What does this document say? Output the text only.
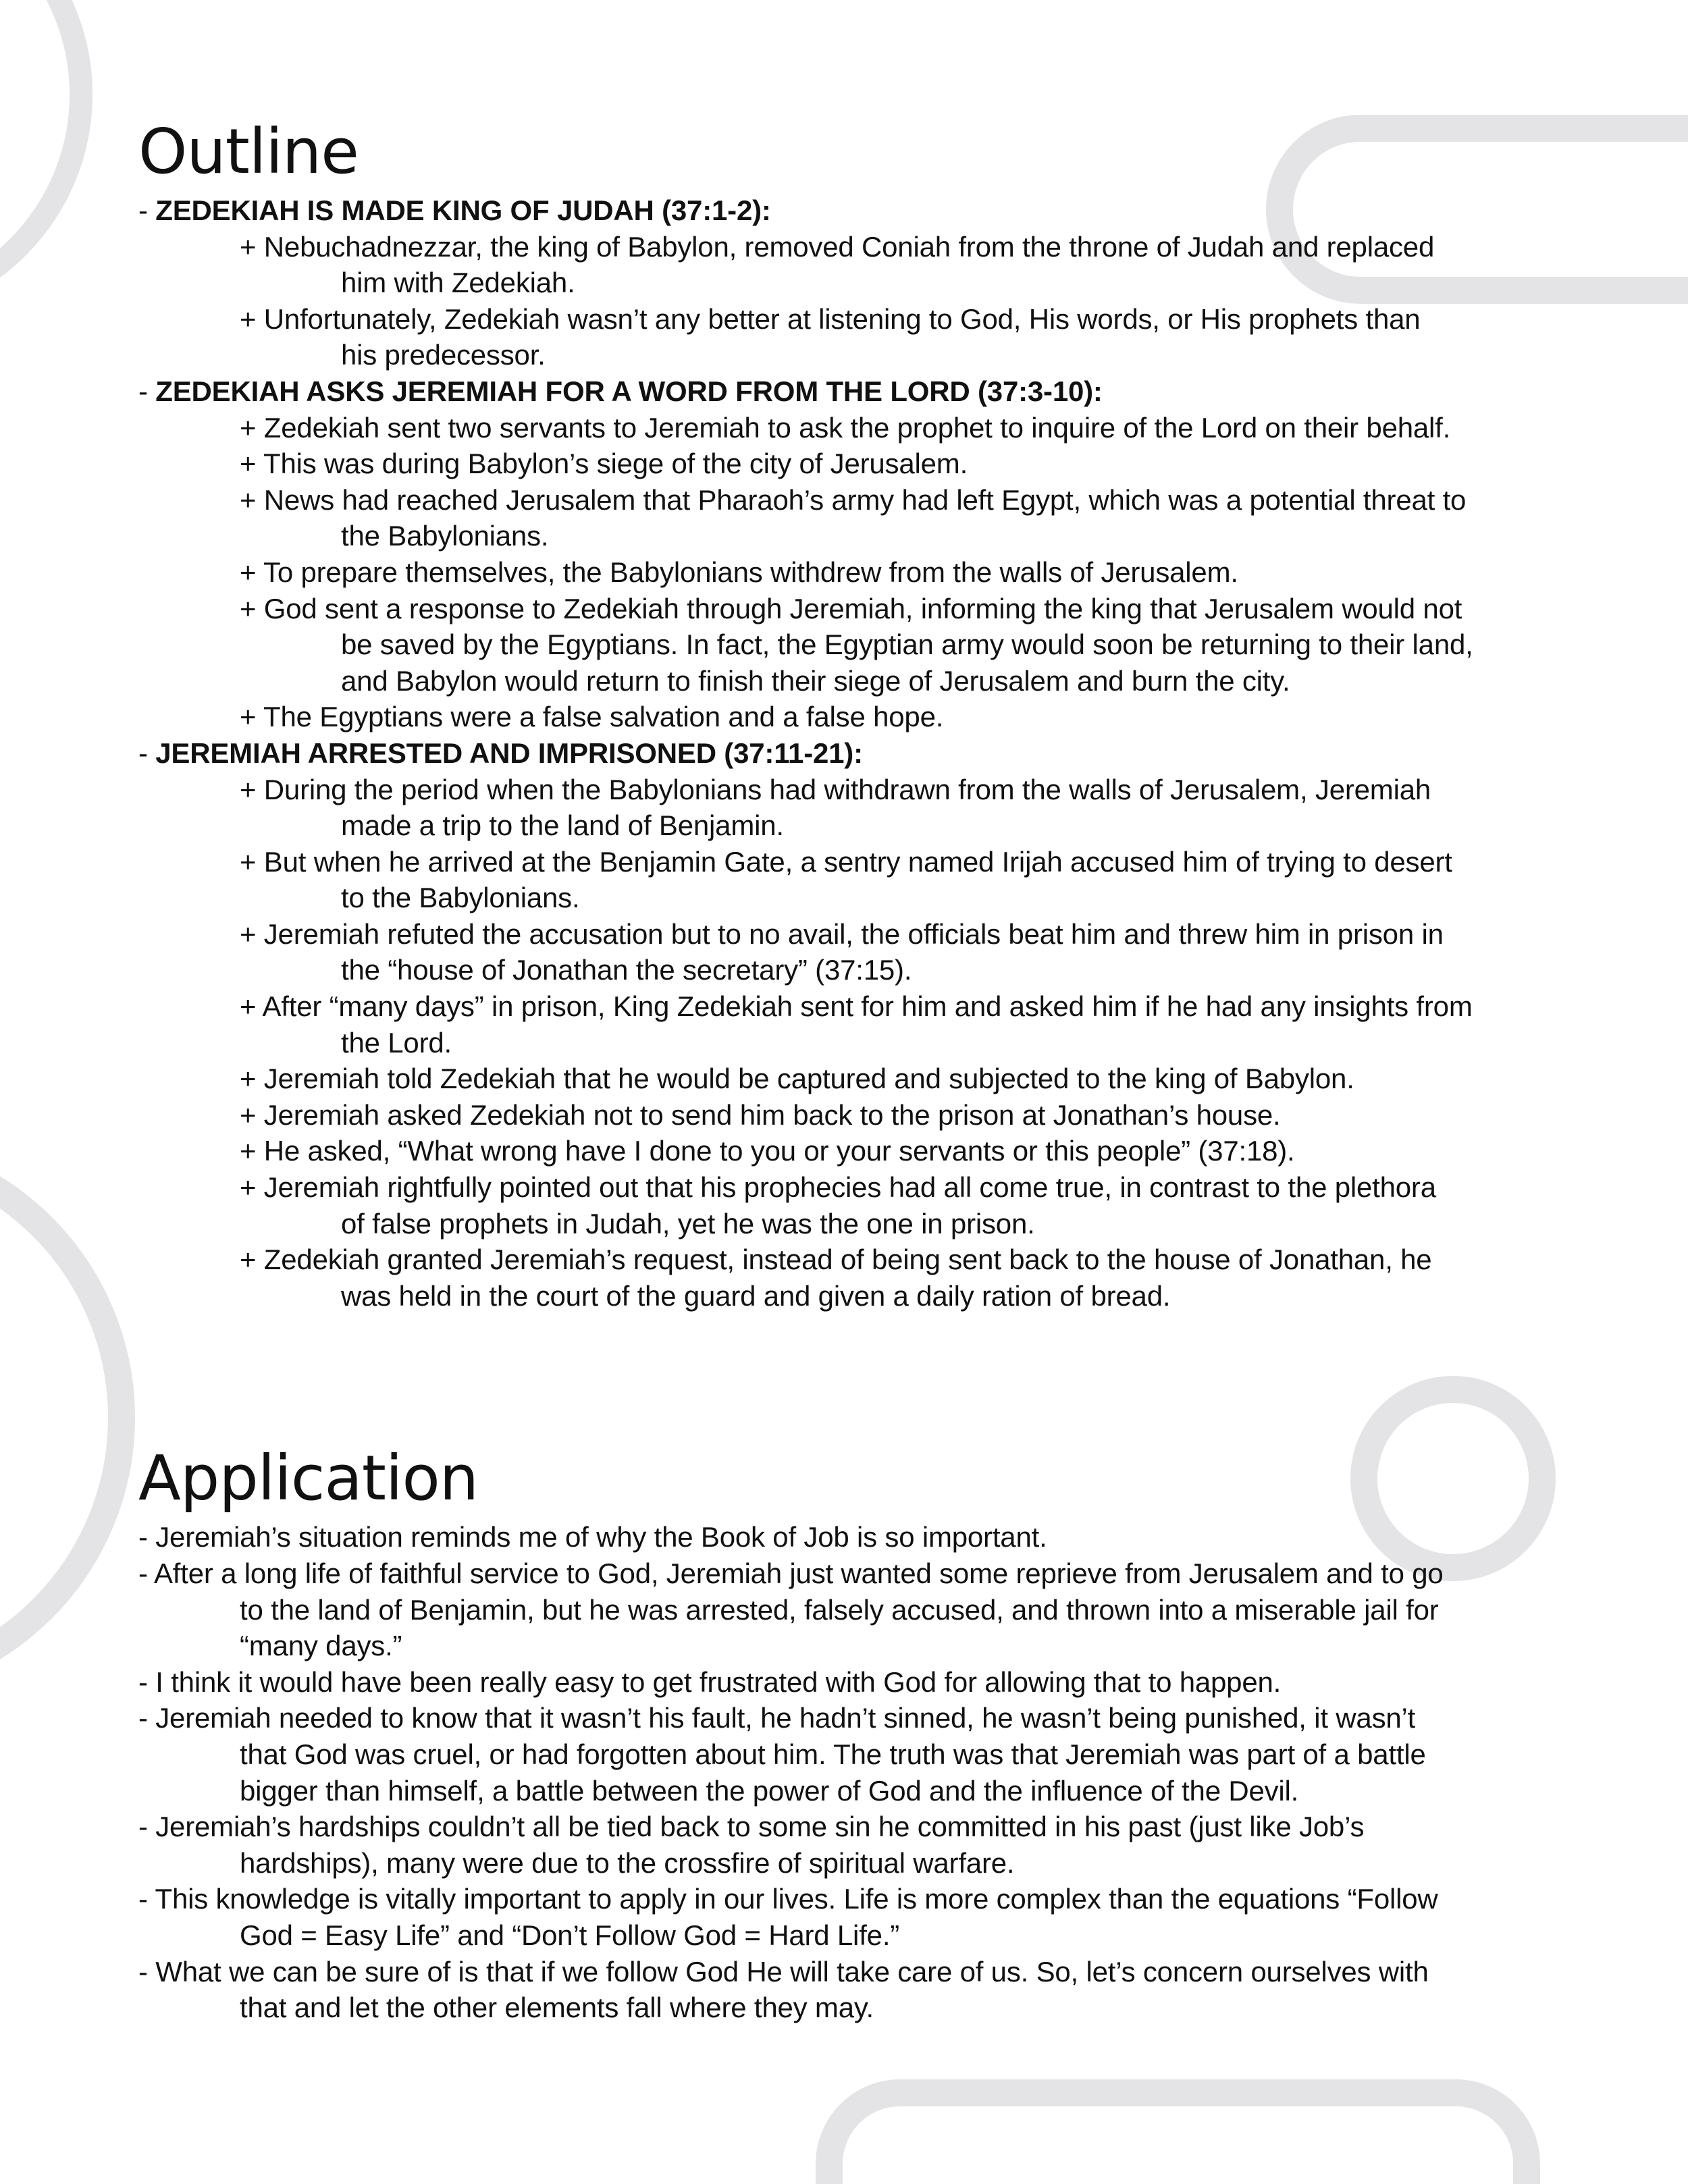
Outline
- ZEDEKIAH IS MADE KING OF JUDAH (37:1-2):
+ Nebuchadnezzar, the king of Babylon, removed Coniah from the throne of Judah and replaced
him with Zedekiah.
+ Unfortunately, Zedekiah wasn’t any better at listening to God, His words, or His prophets than
his predecessor.
- ZEDEKIAH ASKS JEREMIAH FOR A WORD FROM THE LORD (37:3-10):
+ Zedekiah sent two servants to Jeremiah to ask the prophet to inquire of the Lord on their behalf.
+ This was during Babylon’s siege of the city of Jerusalem.
+ News had reached Jerusalem that Pharaoh’s army had left Egypt, which was a potential threat to
the Babylonians.
+ To prepare themselves, the Babylonians withdrew from the walls of Jerusalem.
+ God sent a response to Zedekiah through Jeremiah, informing the king that Jerusalem would not
be saved by the Egyptians. In fact, the Egyptian army would soon be returning to their land,
and Babylon would return to finish their siege of Jerusalem and burn the city.
+ The Egyptians were a false salvation and a false hope.
- JEREMIAH ARRESTED AND IMPRISONED (37:11-21):
+ During the period when the Babylonians had withdrawn from the walls of Jerusalem, Jeremiah
made a trip to the land of Benjamin.
+ But when he arrived at the Benjamin Gate, a sentry named Irijah accused him of trying to desert
to the Babylonians.
+ Jeremiah refuted the accusation but to no avail, the officials beat him and threw him in prison in
the “house of Jonathan the secretary” (37:15).
+ After “many days” in prison, King Zedekiah sent for him and asked him if he had any insights from
the Lord.
+ Jeremiah told Zedekiah that he would be captured and subjected to the king of Babylon.
+ Jeremiah asked Zedekiah not to send him back to the prison at Jonathan’s house.
+ He asked, “What wrong have I done to you or your servants or this people” (37:18).
+ Jeremiah rightfully pointed out that his prophecies had all come true, in contrast to the plethora
of false prophets in Judah, yet he was the one in prison.
+ Zedekiah granted Jeremiah’s request, instead of being sent back to the house of Jonathan, he
was held in the court of the guard and given a daily ration of bread.
Application
- Jeremiah’s situation reminds me of why the Book of Job is so important.
- After a long life of faithful service to God, Jeremiah just wanted some reprieve from Jerusalem and to go
to the land of Benjamin, but he was arrested, falsely accused, and thrown into a miserable jail for
“many days.”
- I think it would have been really easy to get frustrated with God for allowing that to happen.
- Jeremiah needed to know that it wasn’t his fault, he hadn’t sinned, he wasn’t being punished, it wasn’t
that God was cruel, or had forgotten about him. The truth was that Jeremiah was part of a battle
bigger than himself, a battle between the power of God and the influence of the Devil.
- Jeremiah’s hardships couldn’t all be tied back to some sin he committed in his past (just like Job’s
hardships), many were due to the crossfire of spiritual warfare.
- This knowledge is vitally important to apply in our lives. Life is more complex than the equations “Follow
God = Easy Life” and “Don’t Follow God = Hard Life.”
- What we can be sure of is that if we follow God He will take care of us. So, let’s concern ourselves with
that and let the other elements fall where they may.
